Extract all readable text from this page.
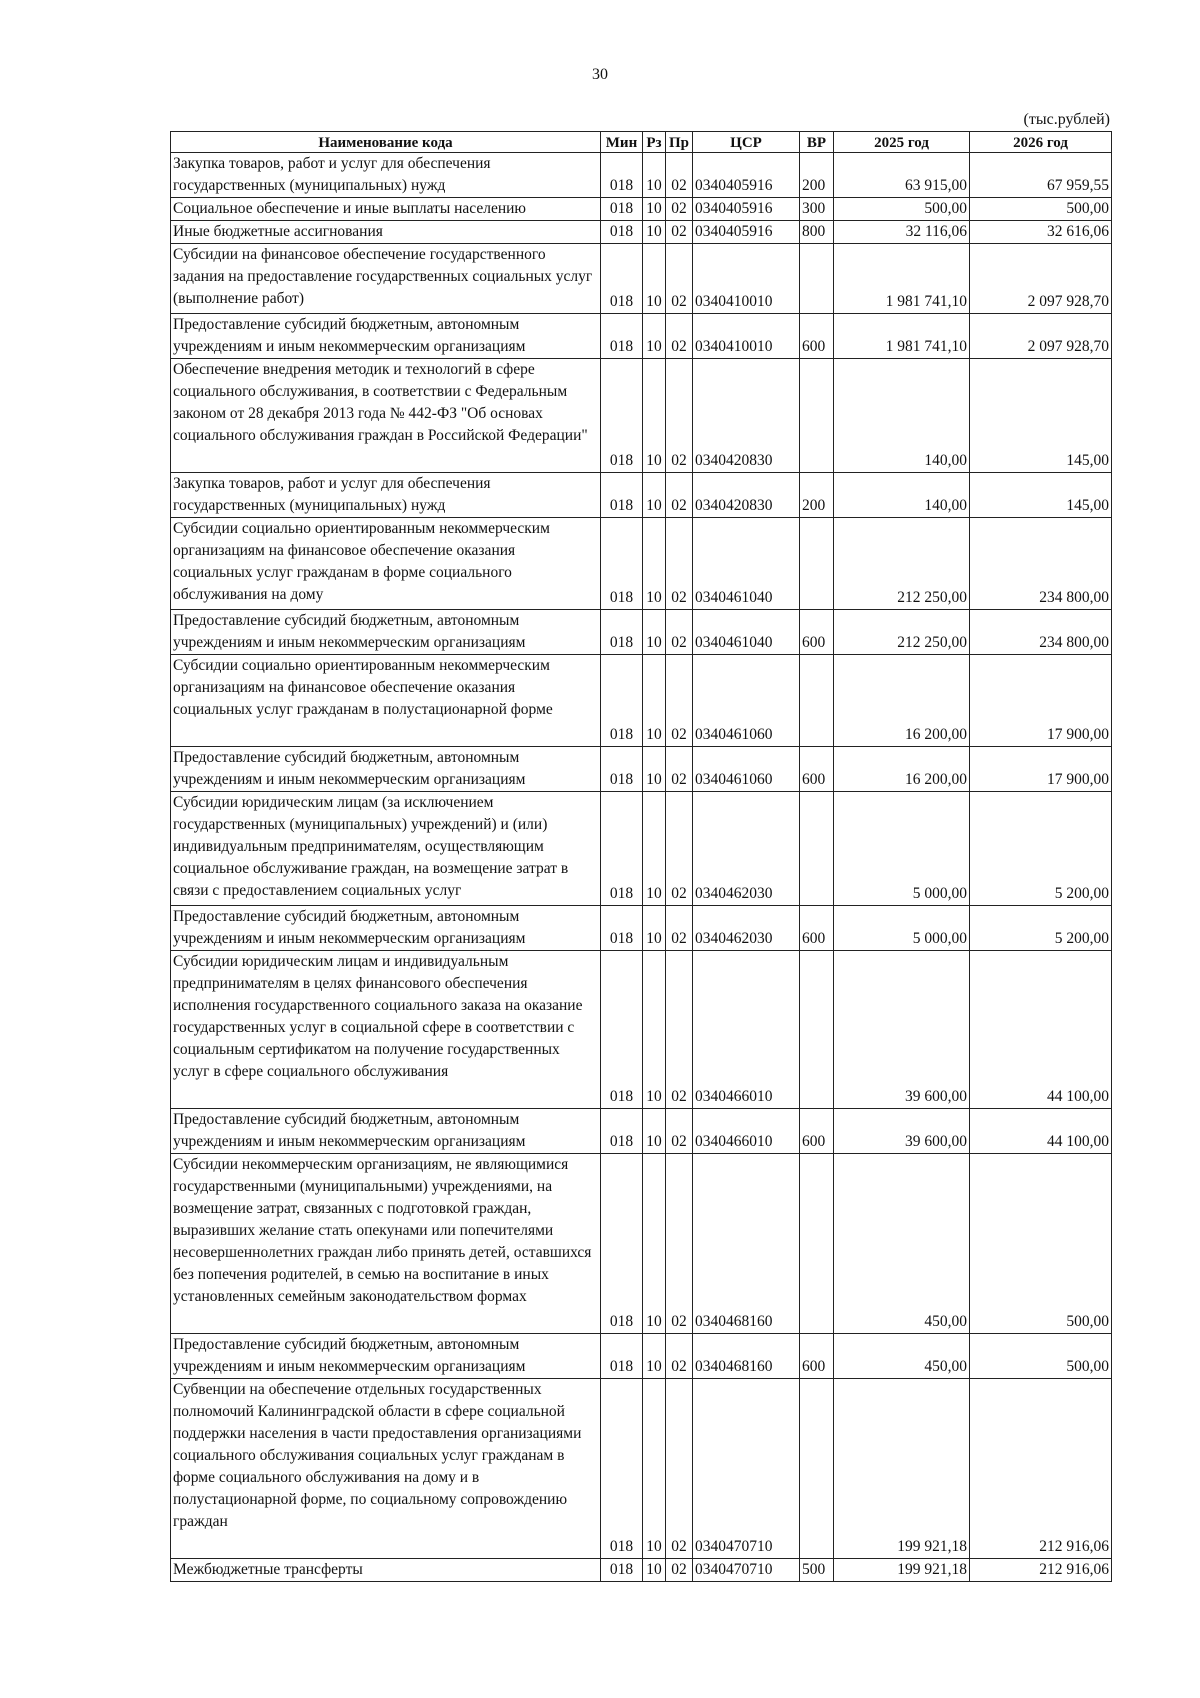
30
(тыс.рублей)
Наименование кода	Мин	Рз	Пр	ЦСР	ВР	2025 год	2026 год
Закупка товаров, работ и услуг для обеспечения государственных (муниципальных) нужд	018	10	02	0340405916	200	63 915,00	67 959,55
Социальное обеспечение и иные выплаты населению	018	10	02	0340405916	300	500,00	500,00
Иные бюджетные ассигнования	018	10	02	0340405916	800	32 116,06	32 616,06
Субсидии на финансовое обеспечение государственного задания на предоставление государственных социальных услуг (выполнение работ)	018	10	02	0340410010		1 981 741,10	2 097 928,70
Предоставление субсидий бюджетным, автономным учреждениям и иным некоммерческим организациям	018	10	02	0340410010	600	1 981 741,10	2 097 928,70
Обеспечение внедрения методик и технологий в сфере социального обслуживания, в соответствии с Федеральным законом от 28 декабря 2013 года № 442-ФЗ "Об основах социального обслуживания граждан в Российской Федерации"	018	10	02	0340420830		140,00	145,00
Закупка товаров, работ и услуг для обеспечения государственных (муниципальных) нужд	018	10	02	0340420830	200	140,00	145,00
Субсидии социально ориентированным некоммерческим организациям на финансовое обеспечение оказания социальных услуг гражданам в форме социального обслуживания на дому	018	10	02	0340461040		212 250,00	234 800,00
Предоставление субсидий бюджетным, автономным учреждениям и иным некоммерческим организациям	018	10	02	0340461040	600	212 250,00	234 800,00
Субсидии социально ориентированным некоммерческим организациям на финансовое обеспечение оказания социальных услуг гражданам в полустационарной форме	018	10	02	0340461060		16 200,00	17 900,00
Предоставление субсидий бюджетным, автономным учреждениям и иным некоммерческим организациям	018	10	02	0340461060	600	16 200,00	17 900,00
Субсидии юридическим лицам (за исключением государственных (муниципальных) учреждений) и (или) индивидуальным предпринимателям, осуществляющим социальное обслуживание граждан, на возмещение затрат в связи с предоставлением социальных услуг	018	10	02	0340462030		5 000,00	5 200,00
Предоставление субсидий бюджетным, автономным учреждениям и иным некоммерческим организациям	018	10	02	0340462030	600	5 000,00	5 200,00
Субсидии юридическим лицам и индивидуальным предпринимателям в целях финансового обеспечения исполнения государственного социального заказа на оказание государственных услуг в социальной сфере в соответствии с социальным сертификатом на получение государственных услуг в сфере социального обслуживания	018	10	02	0340466010		39 600,00	44 100,00
Предоставление субсидий бюджетным, автономным учреждениям и иным некоммерческим организациям	018	10	02	0340466010	600	39 600,00	44 100,00
Субсидии некоммерческим организациям, не являющимися государственными (муниципальными) учреждениями, на возмещение затрат, связанных с подготовкой граждан, выразивших желание стать опекунами или попечителями несовершеннолетних граждан либо принять детей, оставшихся без попечения родителей, в семью на воспитание в иных установленных семейным законодательством формах	018	10	02	0340468160		450,00	500,00
Предоставление субсидий бюджетным, автономным учреждениям и иным некоммерческим организациям	018	10	02	0340468160	600	450,00	500,00
Субвенции на обеспечение отдельных государственных полномочий Калининградской области в сфере социальной поддержки населения в части предоставления организациями социального обслуживания социальных услуг гражданам в форме социального обслуживания на дому и в полустационарной форме, по социальному сопровождению граждан	018	10	02	0340470710		199 921,18	212 916,06
Межбюджетные трансферты	018	10	02	0340470710	500	199 921,18	212 916,06
